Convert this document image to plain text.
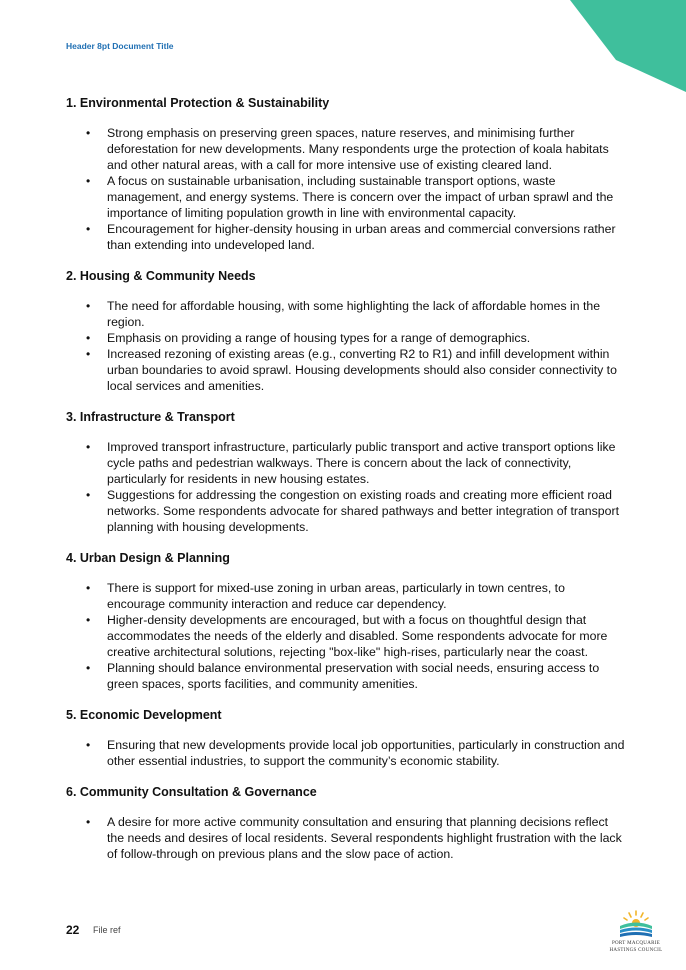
Header 8pt Document Title
1. Environmental Protection & Sustainability
• Strong emphasis on preserving green spaces, nature reserves, and minimising further deforestation for new developments. Many respondents urge the protection of koala habitats and other natural areas, with a call for more intensive use of existing cleared land.
• A focus on sustainable urbanisation, including sustainable transport options, waste management, and energy systems. There is concern over the impact of urban sprawl and the importance of limiting population growth in line with environmental capacity.
• Encouragement for higher-density housing in urban areas and commercial conversions rather than extending into undeveloped land.
2. Housing & Community Needs
• The need for affordable housing, with some highlighting the lack of affordable homes in the region.
• Emphasis on providing a range of housing types for a range of demographics.
• Increased rezoning of existing areas (e.g., converting R2 to R1) and infill development within urban boundaries to avoid sprawl. Housing developments should also consider connectivity to local services and amenities.
3. Infrastructure & Transport
• Improved transport infrastructure, particularly public transport and active transport options like cycle paths and pedestrian walkways. There is concern about the lack of connectivity, particularly for residents in new housing estates.
• Suggestions for addressing the congestion on existing roads and creating more efficient road networks. Some respondents advocate for shared pathways and better integration of transport planning with housing developments.
4. Urban Design & Planning
• There is support for mixed-use zoning in urban areas, particularly in town centres, to encourage community interaction and reduce car dependency.
• Higher-density developments are encouraged, but with a focus on thoughtful design that accommodates the needs of the elderly and disabled. Some respondents advocate for more creative architectural solutions, rejecting "box-like" high-rises, particularly near the coast.
• Planning should balance environmental preservation with social needs, ensuring access to green spaces, sports facilities, and community amenities.
5. Economic Development
• Ensuring that new developments provide local job opportunities, particularly in construction and other essential industries, to support the community’s economic stability.
6. Community Consultation & Governance
• A desire for more active community consultation and ensuring that planning decisions reflect the needs and desires of local residents. Several respondents highlight frustration with the lack of follow-through on previous plans and the slow pace of action.
22 File ref
PORT MACQUARIE
HASTINGS COUNCIL
